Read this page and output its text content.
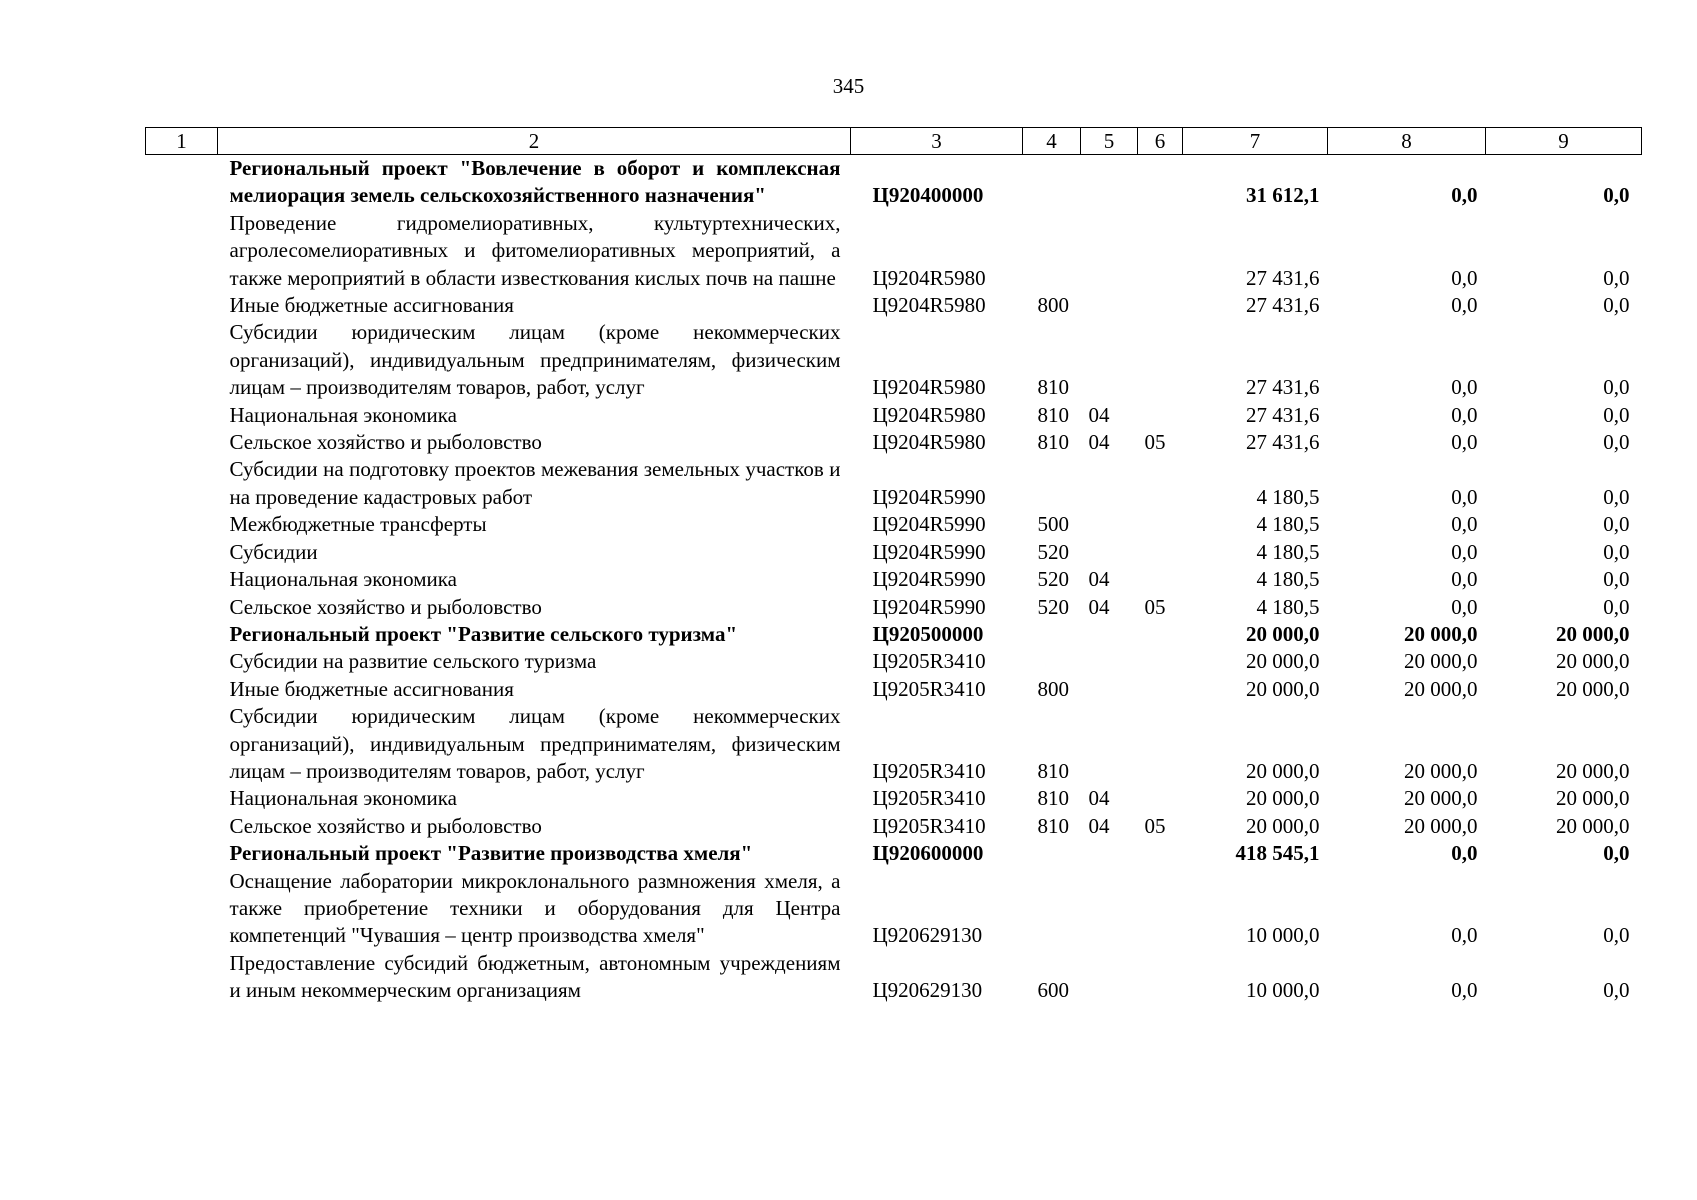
345
1	2	3	4	5	6	7	8	9
	Региональный проект "Вовлечение в оборот и комплексная мелиорация земель сельскохозяйственного назначения"	Ц920400000				31 612,1	0,0	0,0
	Проведение гидромелиоративных, культуртехнических, агролесомелиоративных и фитомелиоративных мероприятий, а также мероприятий в области известкования кислых почв на пашне	Ц9204R5980				27 431,6	0,0	0,0
	Иные бюджетные ассигнования	Ц9204R5980	800			27 431,6	0,0	0,0
	Субсидии юридическим лицам (кроме некоммерческих организаций), индивидуальным предпринимателям, физическим лицам – производителям товаров, работ, услуг	Ц9204R5980	810			27 431,6	0,0	0,0
	Национальная экономика	Ц9204R5980	810	04		27 431,6	0,0	0,0
	Сельское хозяйство и рыболовство	Ц9204R5980	810	04	05	27 431,6	0,0	0,0
	Субсидии на подготовку проектов межевания земельных участков и на проведение кадастровых работ	Ц9204R5990				4 180,5	0,0	0,0
	Межбюджетные трансферты	Ц9204R5990	500			4 180,5	0,0	0,0
	Субсидии	Ц9204R5990	520			4 180,5	0,0	0,0
	Национальная экономика	Ц9204R5990	520	04		4 180,5	0,0	0,0
	Сельское хозяйство и рыболовство	Ц9204R5990	520	04	05	4 180,5	0,0	0,0
	Региональный проект "Развитие сельского туризма"	Ц920500000				20 000,0	20 000,0	20 000,0
	Субсидии на развитие сельского туризма	Ц9205R3410				20 000,0	20 000,0	20 000,0
	Иные бюджетные ассигнования	Ц9205R3410	800			20 000,0	20 000,0	20 000,0
	Субсидии юридическим лицам (кроме некоммерческих организаций), индивидуальным предпринимателям, физическим лицам – производителям товаров, работ, услуг	Ц9205R3410	810			20 000,0	20 000,0	20 000,0
	Национальная экономика	Ц9205R3410	810	04		20 000,0	20 000,0	20 000,0
	Сельское хозяйство и рыболовство	Ц9205R3410	810	04	05	20 000,0	20 000,0	20 000,0
	Региональный проект "Развитие производства хмеля"	Ц920600000				418 545,1	0,0	0,0
	Оснащение лаборатории микроклонального размножения хмеля, а также приобретение техники и оборудования для Центра компетенций "Чувашия – центр производства хмеля"	Ц920629130				10 000,0	0,0	0,0
	Предоставление субсидий бюджетным, автономным учреждениям и иным некоммерческим организациям	Ц920629130	600			10 000,0	0,0	0,0
